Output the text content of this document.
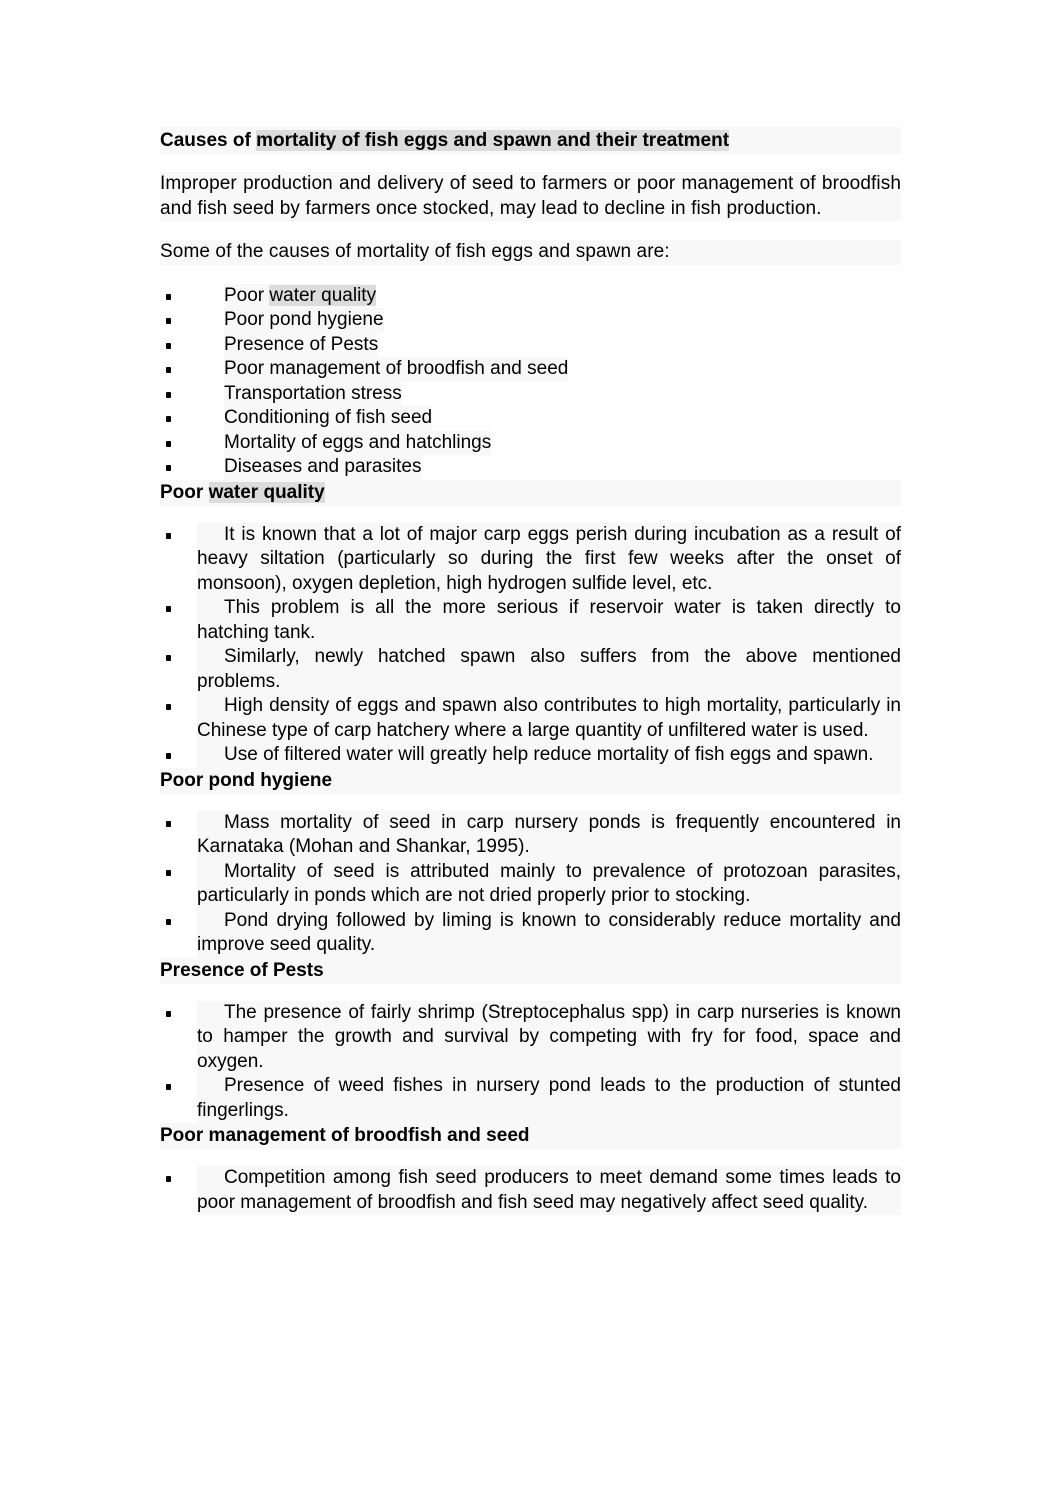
Causes of mortality of fish eggs and spawn and their treatment

Improper production and delivery of seed to farmers or poor management of broodfish and fish seed by farmers once stocked, may lead to decline in fish production.

Some of the causes of mortality of fish eggs and spawn are:

Poor water quality
Poor pond hygiene
Presence of Pests
Poor management of broodfish and seed
Transportation stress
Conditioning of fish seed
Mortality of eggs and hatchlings
Diseases and parasites

Poor water quality

It is known that a lot of major carp eggs perish during incubation as a result of heavy siltation (particularly so during the first few weeks after the onset of monsoon), oxygen depletion, high hydrogen sulfide level, etc.
This problem is all the more serious if reservoir water is taken directly to hatching tank.
Similarly, newly hatched spawn also suffers from the above mentioned problems.
High density of eggs and spawn also contributes to high mortality, particularly in Chinese type of carp hatchery where a large quantity of unfiltered water is used.
Use of filtered water will greatly help reduce mortality of fish eggs and spawn.

Poor pond hygiene

Mass mortality of seed in carp nursery ponds is frequently encountered in Karnataka (Mohan and Shankar, 1995).
Mortality of seed is attributed mainly to prevalence of protozoan parasites, particularly in ponds which are not dried properly prior to stocking.
Pond drying followed by liming is known to considerably reduce mortality and improve seed quality.

Presence of Pests

The presence of fairly shrimp (Streptocephalus spp) in carp nurseries is known to hamper the growth and survival by competing with fry for food, space and oxygen.
Presence of weed fishes in nursery pond leads to the production of stunted fingerlings.

Poor management of broodfish and seed

Competition among fish seed producers to meet demand some times leads to poor management of broodfish and fish seed may negatively affect seed quality.
